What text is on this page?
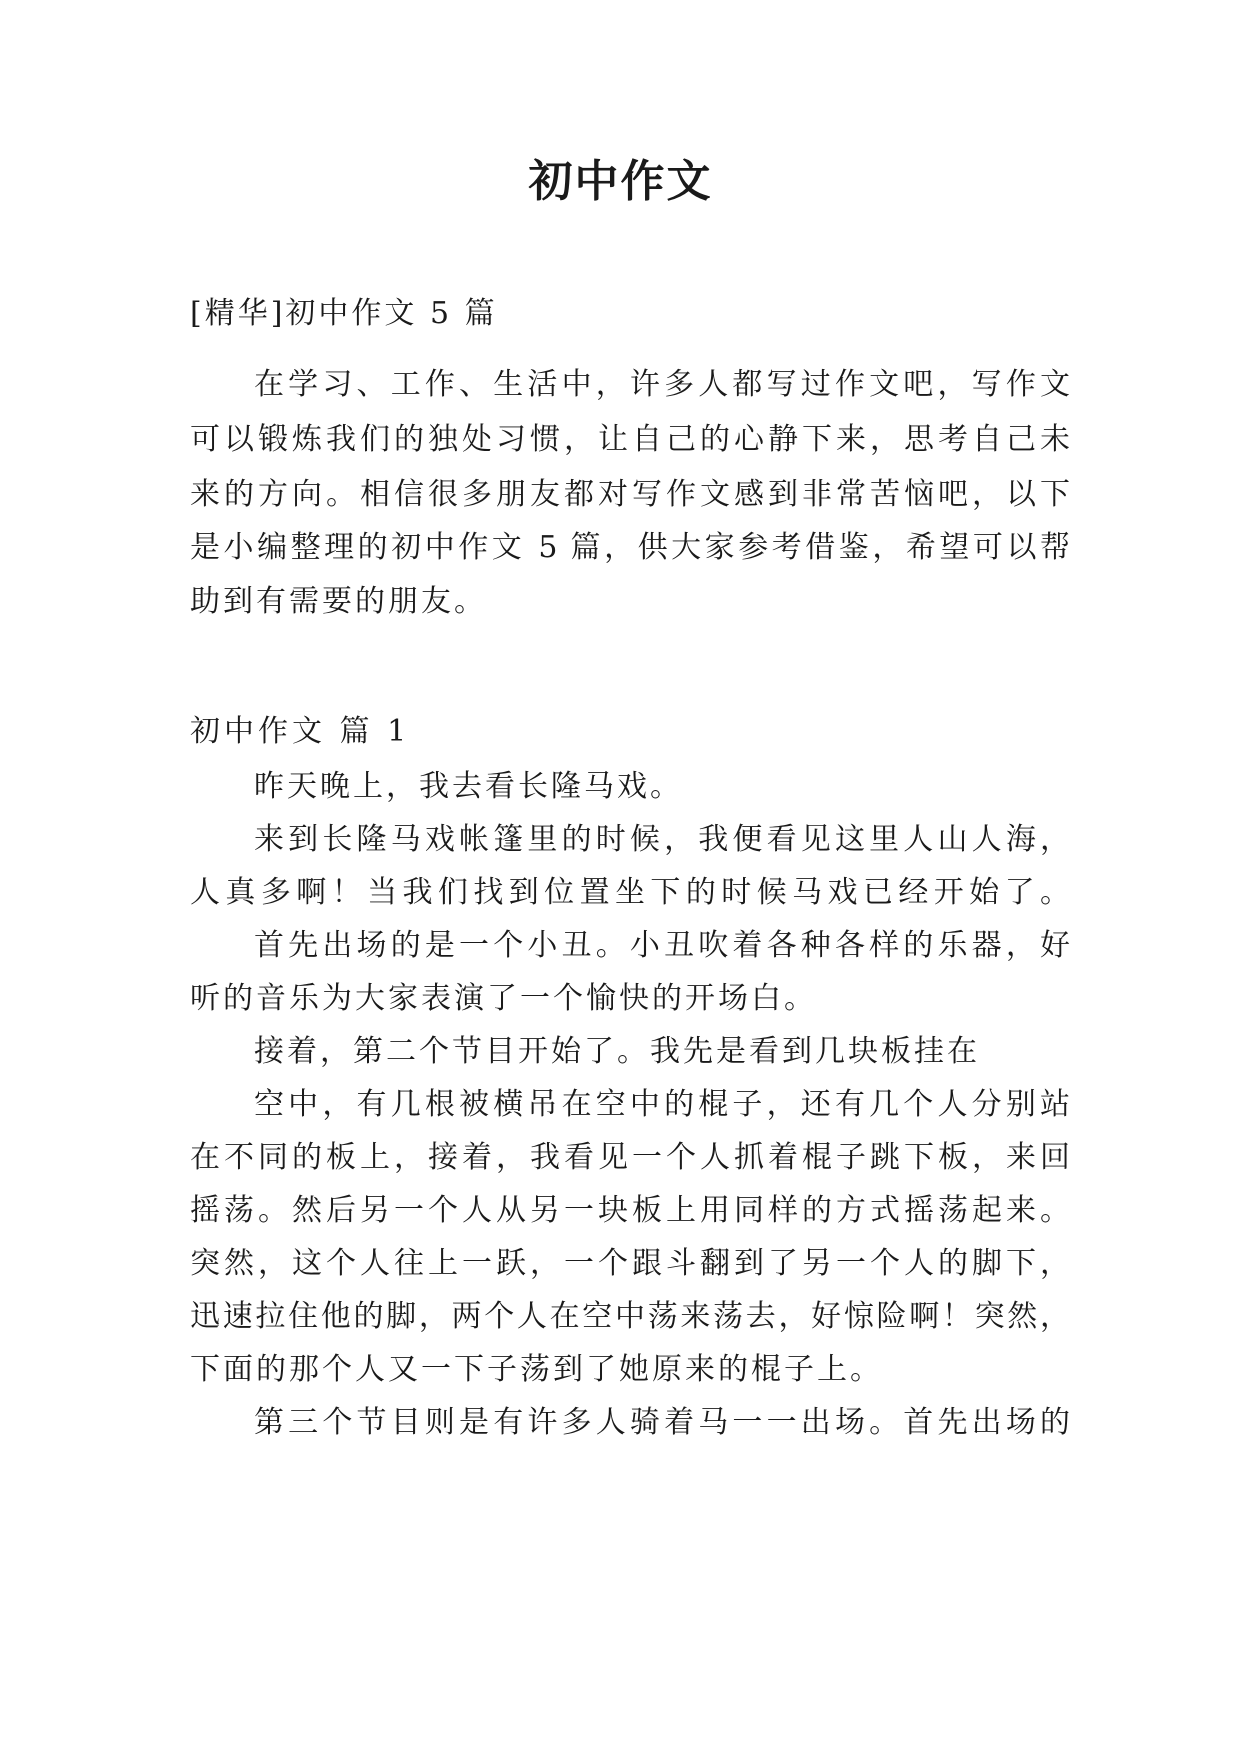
初中作文

[精华]初中作文 5 篇

在学习、工作、生活中，许多人都写过作文吧，写作文

可以锻炼我们的独处习惯，让自己的心静下来，思考自己未

来的方向。相信很多朋友都对写作文感到非常苦恼吧，以下

是小编整理的初中作文 5 篇，供大家参考借鉴，希望可以帮

助到有需要的朋友。

初中作文 篇 1

昨天晚上，我去看长隆马戏。

来到长隆马戏帐篷里的时候，我便看见这里人山人海，

人真多啊！当我们找到位置坐下的时候马戏已经开始了。

首先出场的是一个小丑。小丑吹着各种各样的乐器，好

听的音乐为大家表演了一个愉快的开场白。

接着，第二个节目开始了。我先是看到几块板挂在

空中，有几根被横吊在空中的棍子，还有几个人分别站

在不同的板上，接着，我看见一个人抓着棍子跳下板，来回

摇荡。然后另一个人从另一块板上用同样的方式摇荡起来。

突然，这个人往上一跃，一个跟斗翻到了另一个人的脚下，

迅速拉住他的脚，两个人在空中荡来荡去，好惊险啊！突然，

下面的那个人又一下子荡到了她原来的棍子上。

第三个节目则是有许多人骑着马一一出场。首先出场的
